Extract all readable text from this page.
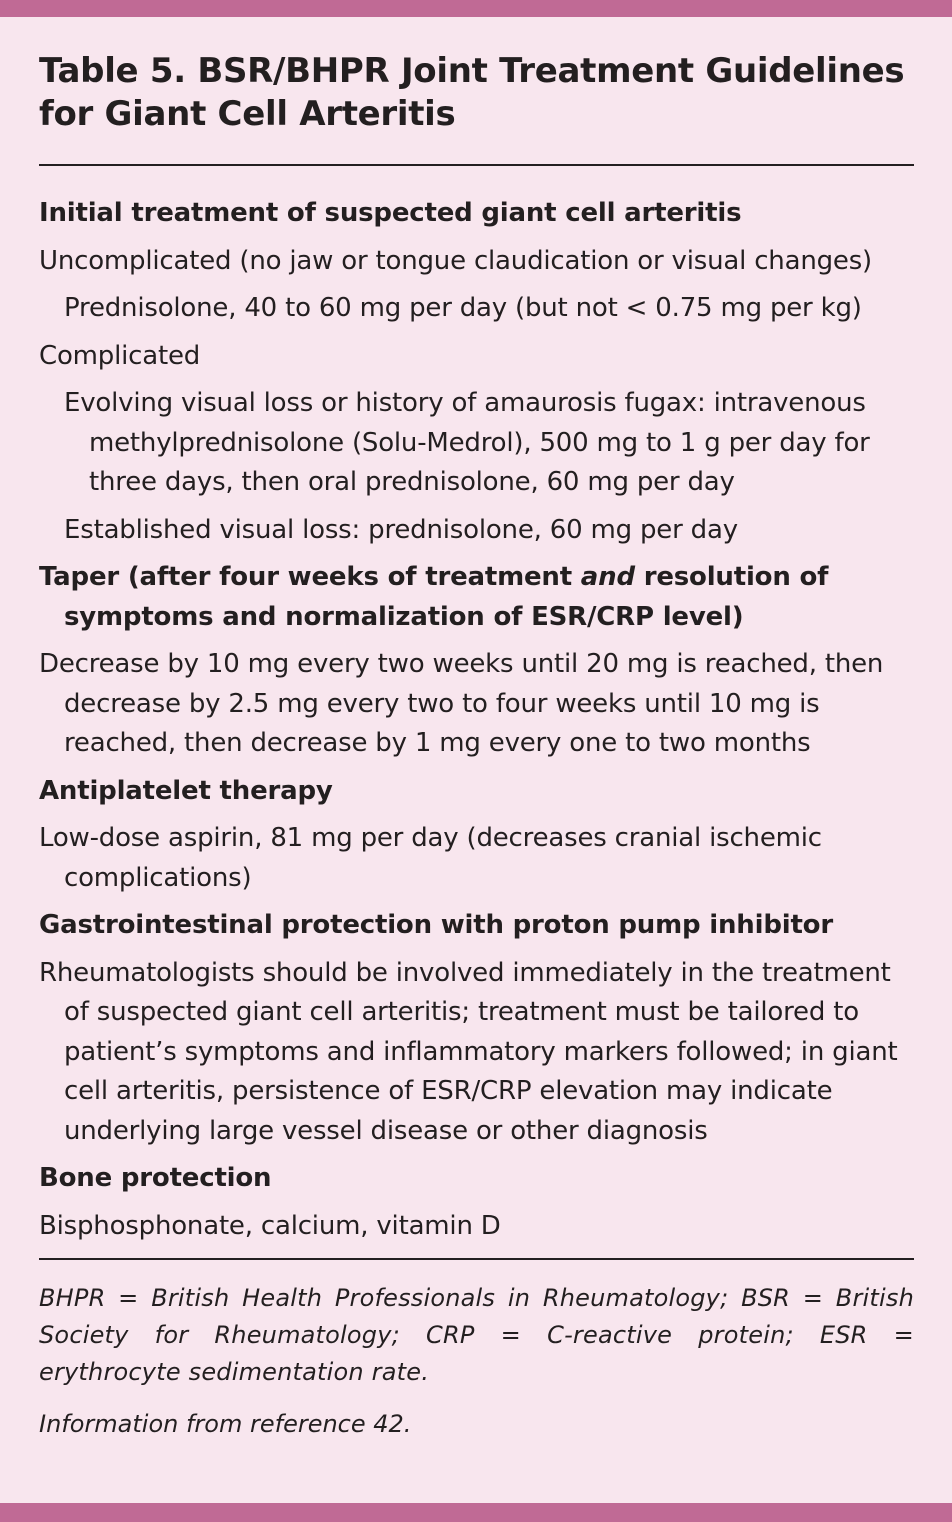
Table 5. BSR/BHPR Joint Treatment Guidelines for Giant Cell Arteritis
Initial treatment of suspected giant cell arteritis
Uncomplicated (no jaw or tongue claudication or visual changes)
Prednisolone, 40 to 60 mg per day (but not < 0.75 mg per kg)
Complicated
Evolving visual loss or history of amaurosis fugax: intravenous methylprednisolone (Solu-Medrol), 500 mg to 1 g per day for three days, then oral prednisolone, 60 mg per day
Established visual loss: prednisolone, 60 mg per day
Taper (after four weeks of treatment and resolution of symptoms and normalization of ESR/CRP level)
Decrease by 10 mg every two weeks until 20 mg is reached, then decrease by 2.5 mg every two to four weeks until 10 mg is reached, then decrease by 1 mg every one to two months
Antiplatelet therapy
Low-dose aspirin, 81 mg per day (decreases cranial ischemic complications)
Gastrointestinal protection with proton pump inhibitor
Rheumatologists should be involved immediately in the treatment of suspected giant cell arteritis; treatment must be tailored to patient’s symptoms and inflammatory markers followed; in giant cell arteritis, persistence of ESR/CRP elevation may indicate underlying large vessel disease or other diagnosis
Bone protection
Bisphosphonate, calcium, vitamin D
BHPR = British Health Professionals in Rheumatology; BSR = British Society for Rheumatology; CRP = C-reactive protein; ESR = erythrocyte sedimentation rate.
Information from reference 42.
